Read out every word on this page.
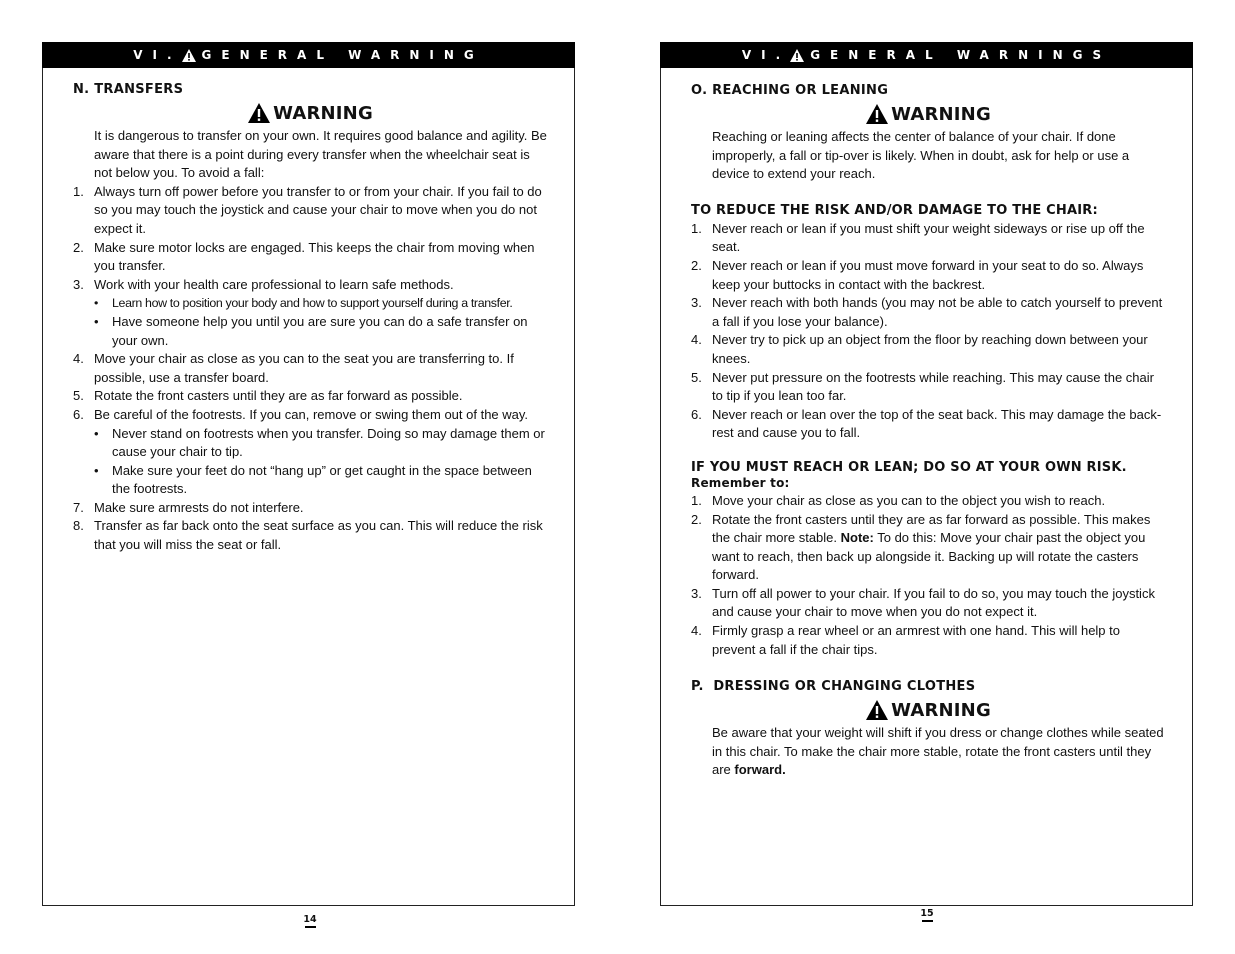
VI. GENERAL WARNING
N. TRANSFERS
WARNING

It is dangerous to transfer on your own. It requires good balance and agility. Be aware that there is a point during every transfer when the wheelchair seat is not below you. To avoid a fall:

1. Always turn off power before you transfer to or from your chair. If you fail to do so you may touch the joystick and cause your chair to move when you do not expect it.
2. Make sure motor locks are engaged. This keeps the chair from moving when you transfer.
3. Work with your health care professional to learn safe methods.
• Learn how to position your body and how to support yourself during a transfer.
• Have someone help you until you are sure you can do a safe transfer on your own.
4. Move your chair as close as you can to the seat you are transferring to. If possible, use a transfer board.
5. Rotate the front casters until they are as far forward as possible.
6. Be careful of the footrests. If you can, remove or swing them out of the way.
• Never stand on footrests when you transfer. Doing so may damage them or cause your chair to tip.
• Make sure your feet do not “hang up” or get caught in the space between the footrests.
7. Make sure armrests do not interfere.
8. Transfer as far back onto the seat surface as you can. This will reduce the risk that you will miss the seat or fall.
14
VI. GENERAL WARNINGS
O. REACHING OR LEANING
WARNING

Reaching or leaning affects the center of balance of your chair. If done improperly, a fall or tip-over is likely. When in doubt, ask for help or use a device to extend your reach.

TO REDUCE THE RISK AND/OR DAMAGE TO THE CHAIR:
1. Never reach or lean if you must shift your weight sideways or rise up off the seat.
2. Never reach or lean if you must move forward in your seat to do so. Always keep your buttocks in contact with the backrest.
3. Never reach with both hands (you may not be able to catch yourself to prevent a fall if you lose your balance).
4. Never try to pick up an object from the floor by reaching down between your knees.
5. Never put pressure on the footrests while reaching. This may cause the chair to tip if you lean too far.
6. Never reach or lean over the top of the seat back. This may damage the back-rest and cause you to fall.
IF YOU MUST REACH OR LEAN; DO SO AT YOUR OWN RISK.
Remember to:
1. Move your chair as close as you can to the object you wish to reach.
2. Rotate the front casters until they are as far forward as possible. This makes the chair more stable. Note: To do this: Move your chair past the object you want to reach, then back up alongside it. Backing up will rotate the casters forward.
3. Turn off all power to your chair. If you fail to do so, you may touch the joystick and cause your chair to move when you do not expect it.
4. Firmly grasp a rear wheel or an armrest with one hand. This will help to prevent a fall if the chair tips.
P.  DRESSING OR CHANGING CLOTHES
WARNING

Be aware that your weight will shift if you dress or change clothes while seated in this chair. To make the chair more stable, rotate the front casters until they are forward.

15
